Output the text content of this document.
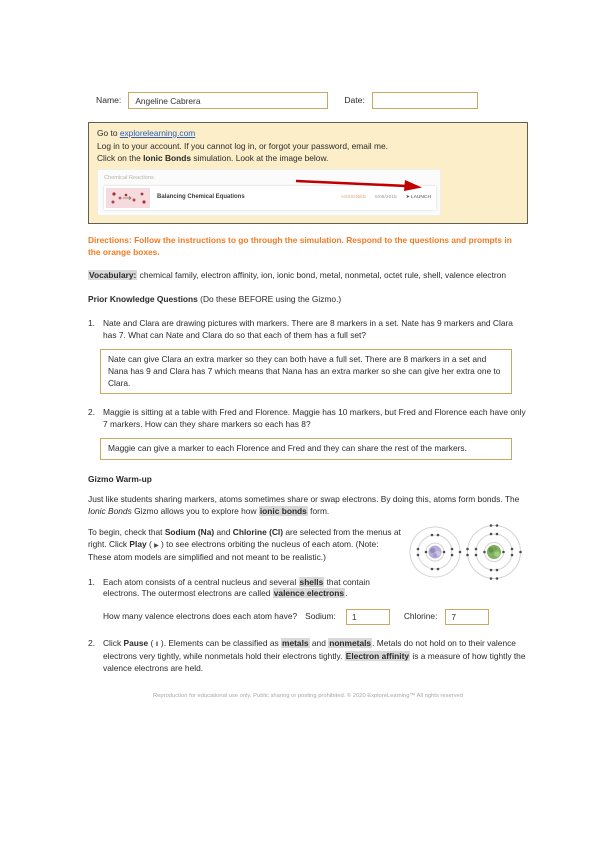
Name:
Angeline Cabrera	Date:

Go to explorelearning.com

Log in to your account. If you cannot log in, or forgot your password, email me.

Click on the Ionic Bonds simulation. Look at the image below.

Chemical Reactions
Balancing Chemical Equations	ASSIGNED 5/08/2015 ➤ LAUNCH

Directions: Follow the instructions to go through the simulation. Respond to the questions and prompts in the orange boxes.

Vocabulary: chemical family, electron affinity, ion, ionic bond, metal, nonmetal, octet rule, shell, valence electron

Prior Knowledge Questions (Do these BEFORE using the Gizmo.)

1. Nate and Clara are drawing pictures with markers. There are 8 markers in a set. Nate has 9 markers and Clara has 7. What can Nate and Clara do so that each of them has a full set?
Nate can give Clara an extra marker so they can both have a full set. There are 8 markers in a set and Nana has 9 and Clara has 7 which means that Nana has an extra marker so she can give her extra one to Clara.
2. Maggie is sitting at a table with Fred and Florence. Maggie has 10 markers, but Fred and Florence each have only 7 markers. How can they share markers so each has 8?
Maggie can give a marker to each Florence and Fred and they can share the rest of the markers.

Gizmo Warm-up

Just like students sharing markers, atoms sometimes share or swap electrons. By doing this, atoms form bonds. The Ionic Bonds Gizmo allows you to explore how ionic bonds form.

To begin, check that Sodium (Na) and Chlorine (Cl) are selected from the menus at right. Click Play ( ▶ ) to see electrons orbiting the nucleus of each atom. (Note: These atom models are simplified and not meant to be realistic.)

1. Each atom consists of a central nucleus and several shells that contain electrons. The outermost electrons are called valence electrons.
How many valence electrons does each atom have? Sodium:
1	Chlorine:
7
2. Click Pause ( Ⅱ ). Elements can be classified as metals and nonmetals. Metals do not hold on to their valence electrons very tightly, while nonmetals hold their electrons tightly. Electron affinity is a measure of how tightly the valence electrons are held.
Reproduction for educational use only. Public sharing or posting prohibited. © 2020 ExploreLearning™ All rights reserved
